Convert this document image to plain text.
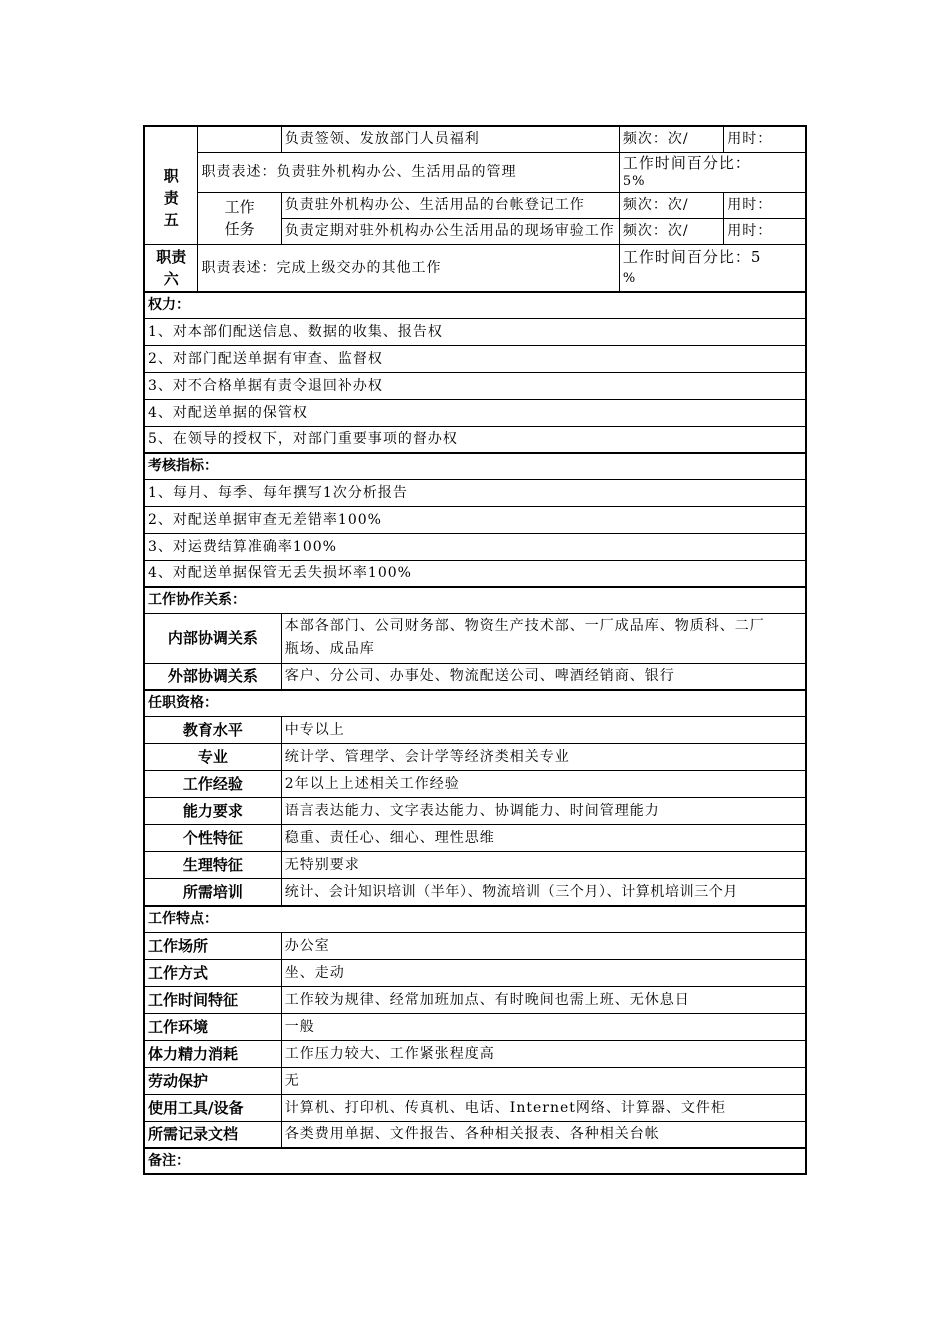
		负责签领、发放部门人员福利	频次：次/	用时：
职
责
五	职责表述：负责驻外机构办公、生活用品的管理		工作时间百分比：
5%	
	工作
任务	负责驻外机构办公、生活用品的台帐登记工作	频次：次/	用时：
		负责定期对驻外机构办公生活用品的现场审验工作	频次：次/	用时：
职责
六	职责表述：完成上级交办的其他工作		工作时间百分比：5
%	
权力：				
1、对本部们配送信息、数据的收集、报告权				
2、对部门配送单据有审查、监督权				
3、对不合格单据有责令退回补办权				
4、对配送单据的保管权				
5、在领导的授权下，对部门重要事项的督办权				
考核指标：				
1、每月、每季、每年撰写1次分析报告				
2、对配送单据审查无差错率100%				
3、对运费结算准确率100%				
4、对配送单据保管无丢失损坏率100%				
工作协作关系：				
内部协调关系		本部各部门、公司财务部、物资生产技术部、一厂成品库、物质科、二厂
瓶场、成品库		
外部协调关系		客户、分公司、办事处、物流配送公司、啤酒经销商、银行		
任职资格：				
教育水平		中专以上		
专业		统计学、管理学、会计学等经济类相关专业		
工作经验		2年以上上述相关工作经验		
能力要求		语言表达能力、文字表达能力、协调能力、时间管理能力		
个性特征		稳重、责任心、细心、理性思维		
生理特征		无特别要求		
所需培训		统计、会计知识培训（半年）、物流培训（三个月）、计算机培训三个月		
工作特点：				
工作场所		办公室		
工作方式		坐、走动		
工作时间特征		工作较为规律、经常加班加点、有时晚间也需上班、无休息日		
工作环境		一般		
体力精力消耗		工作压力较大、工作紧张程度高		
劳动保护		无		
使用工具/设备		计算机、打印机、传真机、电话、Internet网络、计算器、文件柜		
所需记录文档		各类费用单据、文件报告、各种相关报表、各种相关台帐		
备注：				
